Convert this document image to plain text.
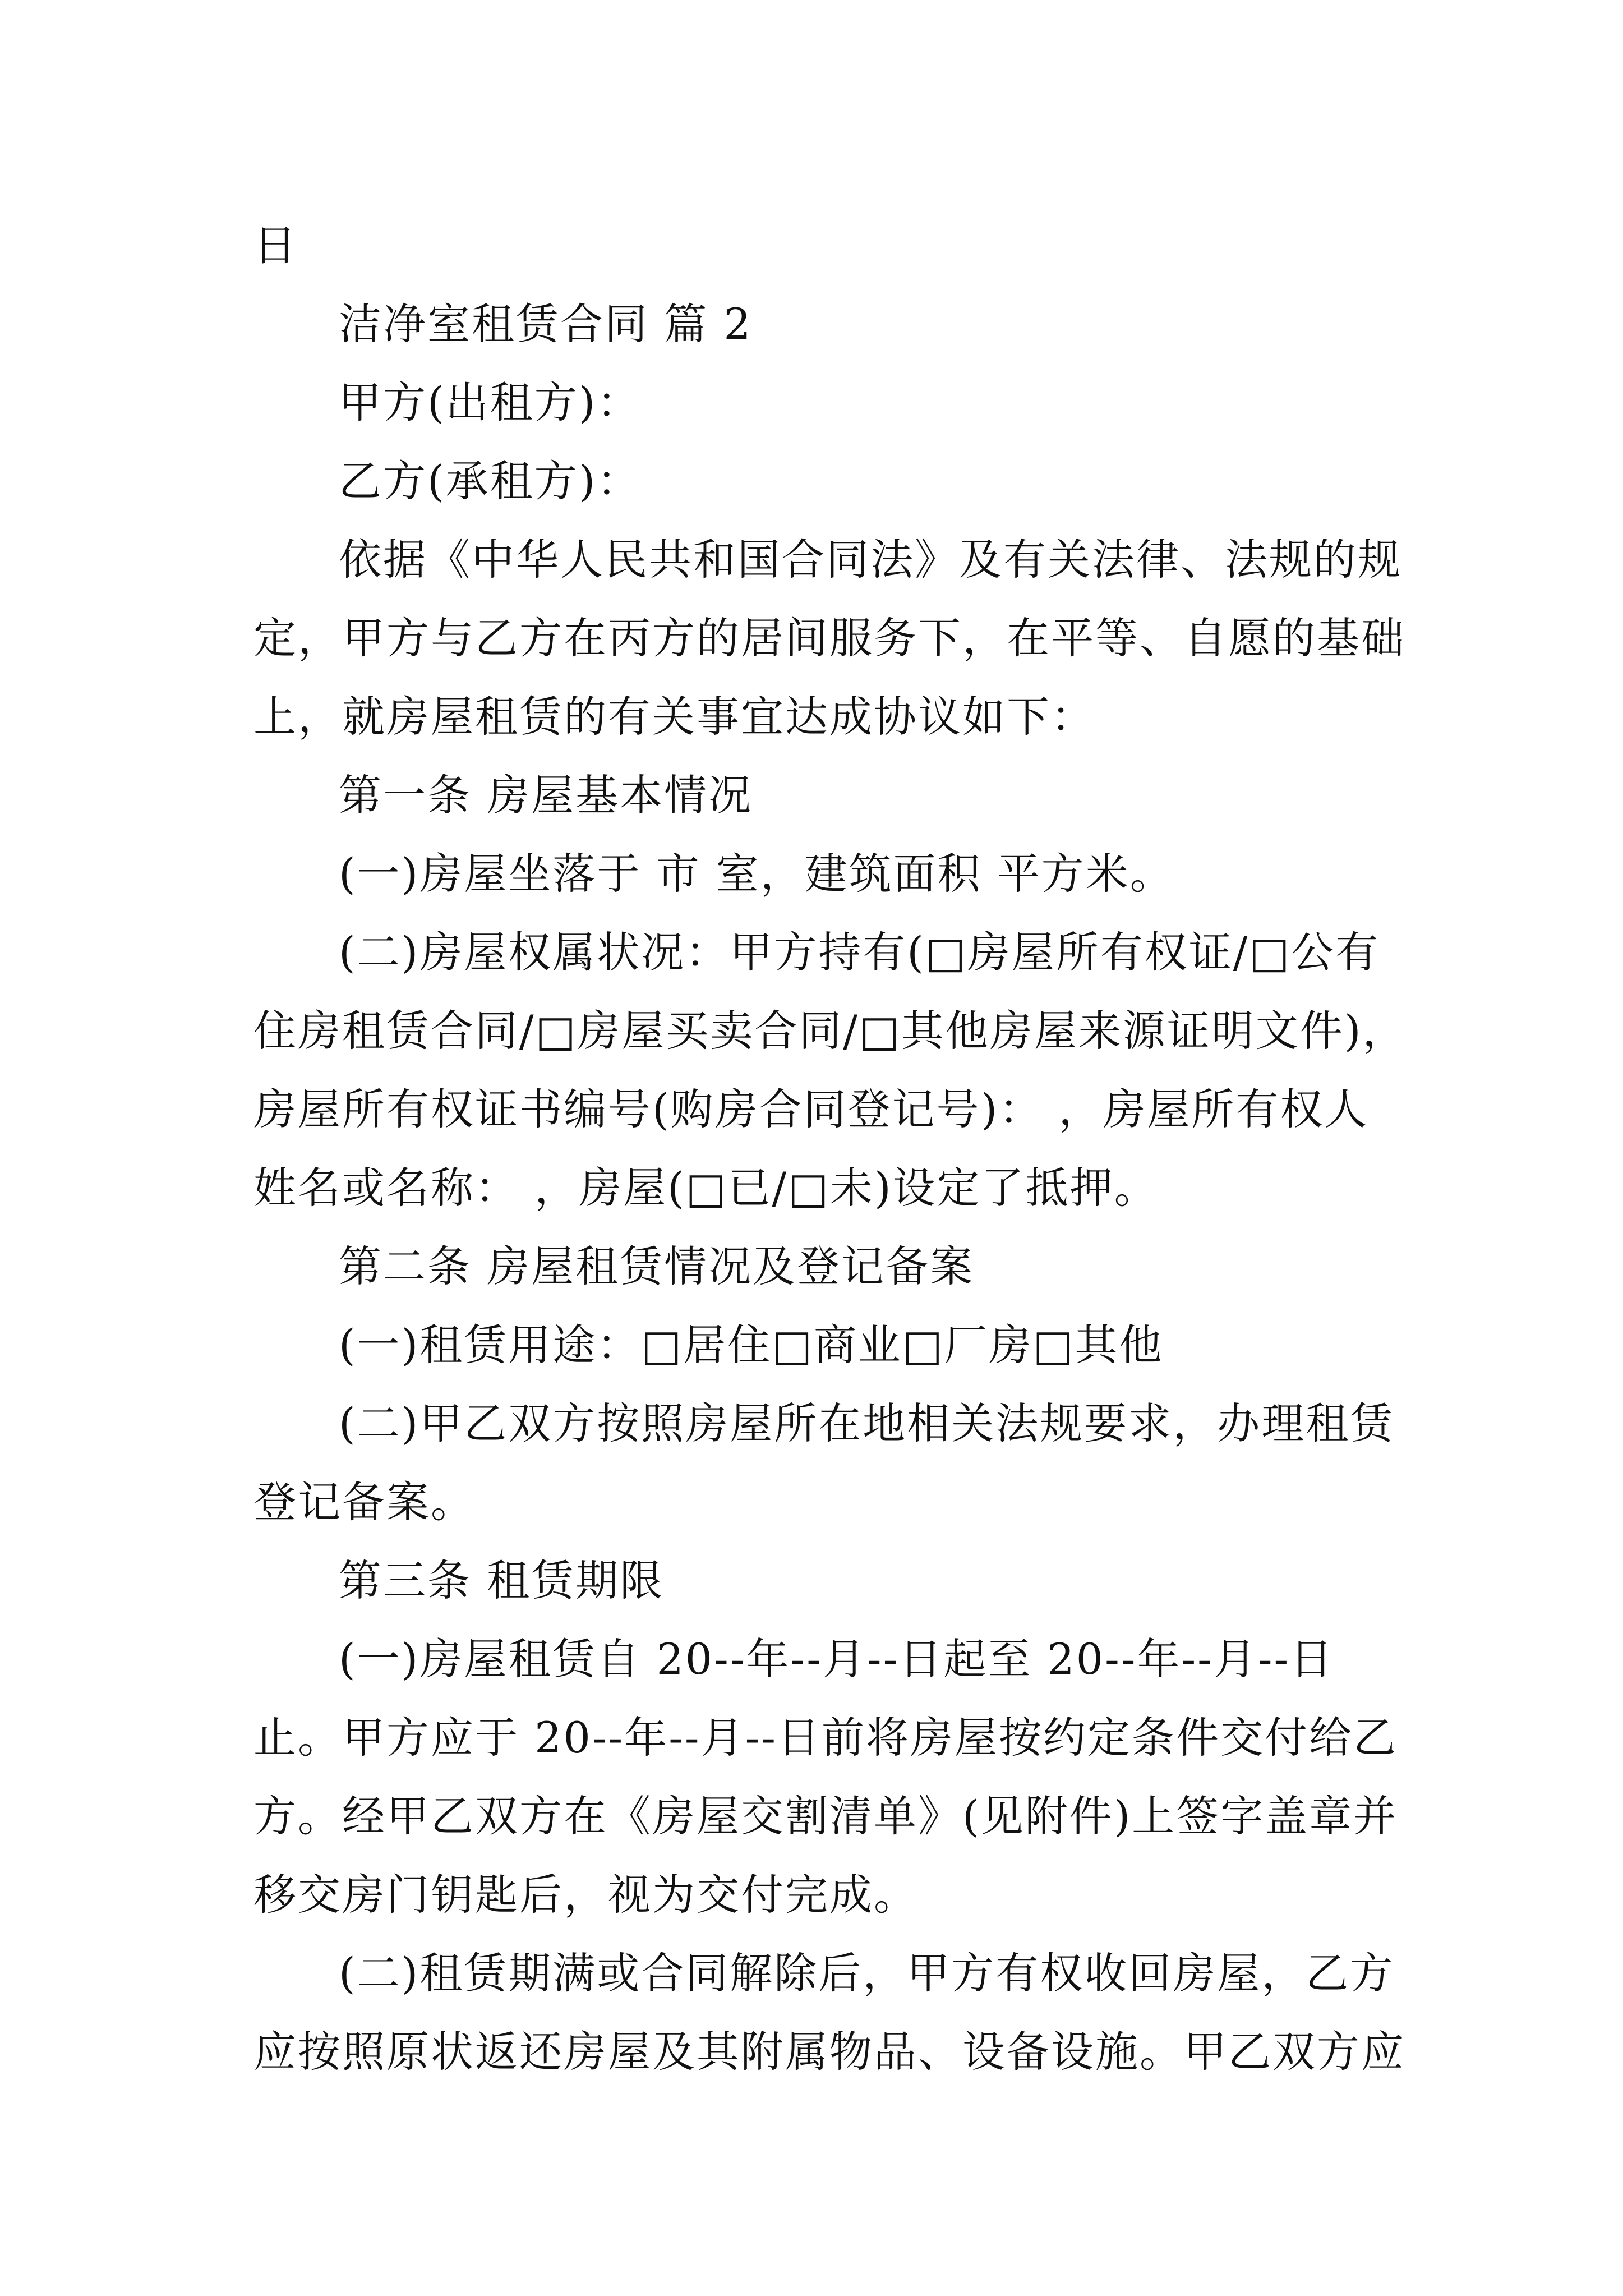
日

洁净室租赁合同 篇 2

甲方(出租方)：

乙方(承租方)：

依据《中华人民共和国合同法》及有关法律、法规的规

定，甲方与乙方在丙方的居间服务下，在平等、自愿的基础

上，就房屋租赁的有关事宜达成协议如下：

第一条 房屋基本情况

(一)房屋坐落于 市 室，建筑面积 平方米。

(二)房屋权属状况：甲方持有(□房屋所有权证/□公有

住房租赁合同/□房屋买卖合同/□其他房屋来源证明文件)，

房屋所有权证书编号(购房合同登记号)： ，房屋所有权人

姓名或名称： ，房屋(□已/□未)设定了抵押。

第二条 房屋租赁情况及登记备案

(一)租赁用途：□居住□商业□厂房□其他

(二)甲乙双方按照房屋所在地相关法规要求，办理租赁

登记备案。

第三条 租赁期限

(一)房屋租赁自 20--年--月--日起至 20--年--月--日

止。甲方应于 20--年--月--日前将房屋按约定条件交付给乙

方。经甲乙双方在《房屋交割清单》(见附件)上签字盖章并

移交房门钥匙后，视为交付完成。

(二)租赁期满或合同解除后，甲方有权收回房屋，乙方

应按照原状返还房屋及其附属物品、设备设施。甲乙双方应
